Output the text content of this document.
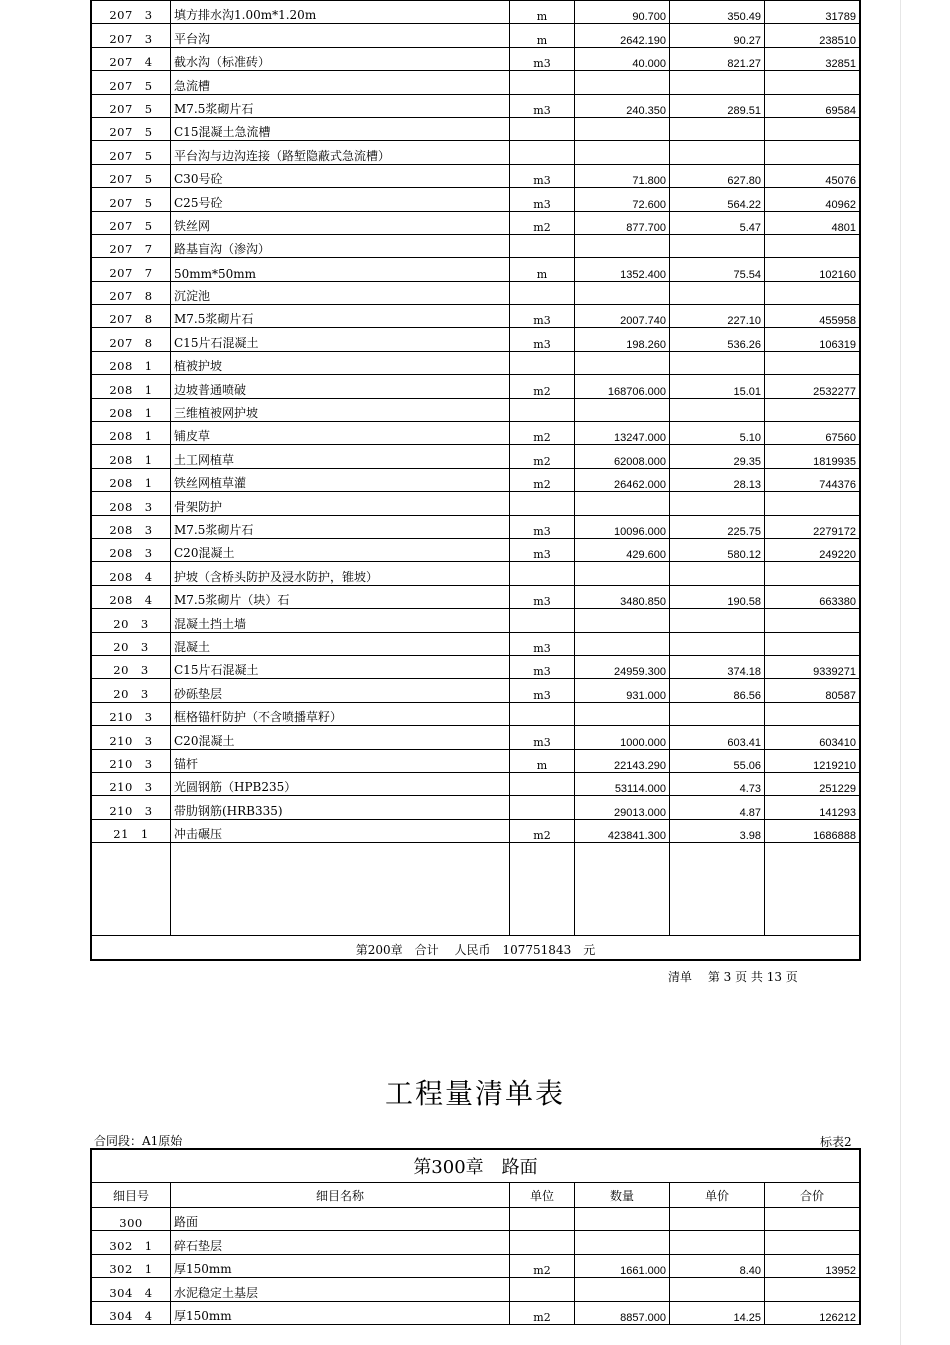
207　3	填方排水沟1.00m*1.20m	m	90.700	350.49	31789
207　3	平台沟	m	2642.190	90.27	238510
207　4	截水沟（标准砖）	m3	40.000	821.27	32851
207　5	急流槽				
207　5	M7.5浆砌片石	m3	240.350	289.51	69584
207　5	C15混凝土急流槽				
207　5	平台沟与边沟连接（路堑隐蔽式急流槽）				
207　5	C30号砼	m3	71.800	627.80	45076
207　5	C25号砼	m3	72.600	564.22	40962
207　5	铁丝网	m2	877.700	5.47	4801
207　7	路基盲沟（渗沟）				
207　7	50mm*50mm	m	1352.400	75.54	102160
207　8	沉淀池				
207　8	M7.5浆砌片石	m3	2007.740	227.10	455958
207　8	C15片石混凝土	m3	198.260	536.26	106319
208　1	植被护坡				
208　1	边坡普通喷破	m2	168706.000	15.01	2532277
208　1	三维植被网护坡				
208　1	铺皮草	m2	13247.000	5.10	67560
208　1	土工网植草	m2	62008.000	29.35	1819935
208　1	铁丝网植草灌	m2	26462.000	28.13	744376
208　3	骨架防护				
208　3	M7.5浆砌片石	m3	10096.000	225.75	2279172
208　3	C20混凝土	m3	429.600	580.12	249220
208　4	护坡（含桥头防护及浸水防护，锥坡）				
208　4	M7.5浆砌片（块）石	m3	3480.850	190.58	663380
20　3	混凝土挡土墙				
20　3	混凝土	m3			
20　3	C15片石混凝土	m3	24959.300	374.18	9339271
20　3	砂砾垫层	m3	931.000	86.56	80587
210　3	框格锚杆防护（不含喷播草籽）				
210　3	C20混凝土	m3	1000.000	603.41	603410
210　3	锚杆	m	22143.290	55.06	1219210
210　3	光圆钢筋（HPB235）		53114.000	4.73	251229
210　3	带肋钢筋(HRB335)		29013.000	4.87	141293
21　1	冲击碾压	m2	423841.300	3.98	1686888

第200章　合计　 人民币　107751843　元					
清单　 第 3 页 共 13 页
工程量清单表
合同段：A1原始	标表2
第300章　路面					
细目号	细目名称	单位	数量	单价	合价
300	路面				
302　1	碎石垫层				
302　1	厚150mm	m2	1661.000	8.40	13952
304　4	水泥稳定土基层				
304　4	厚150mm	m2	8857.000	14.25	126212
